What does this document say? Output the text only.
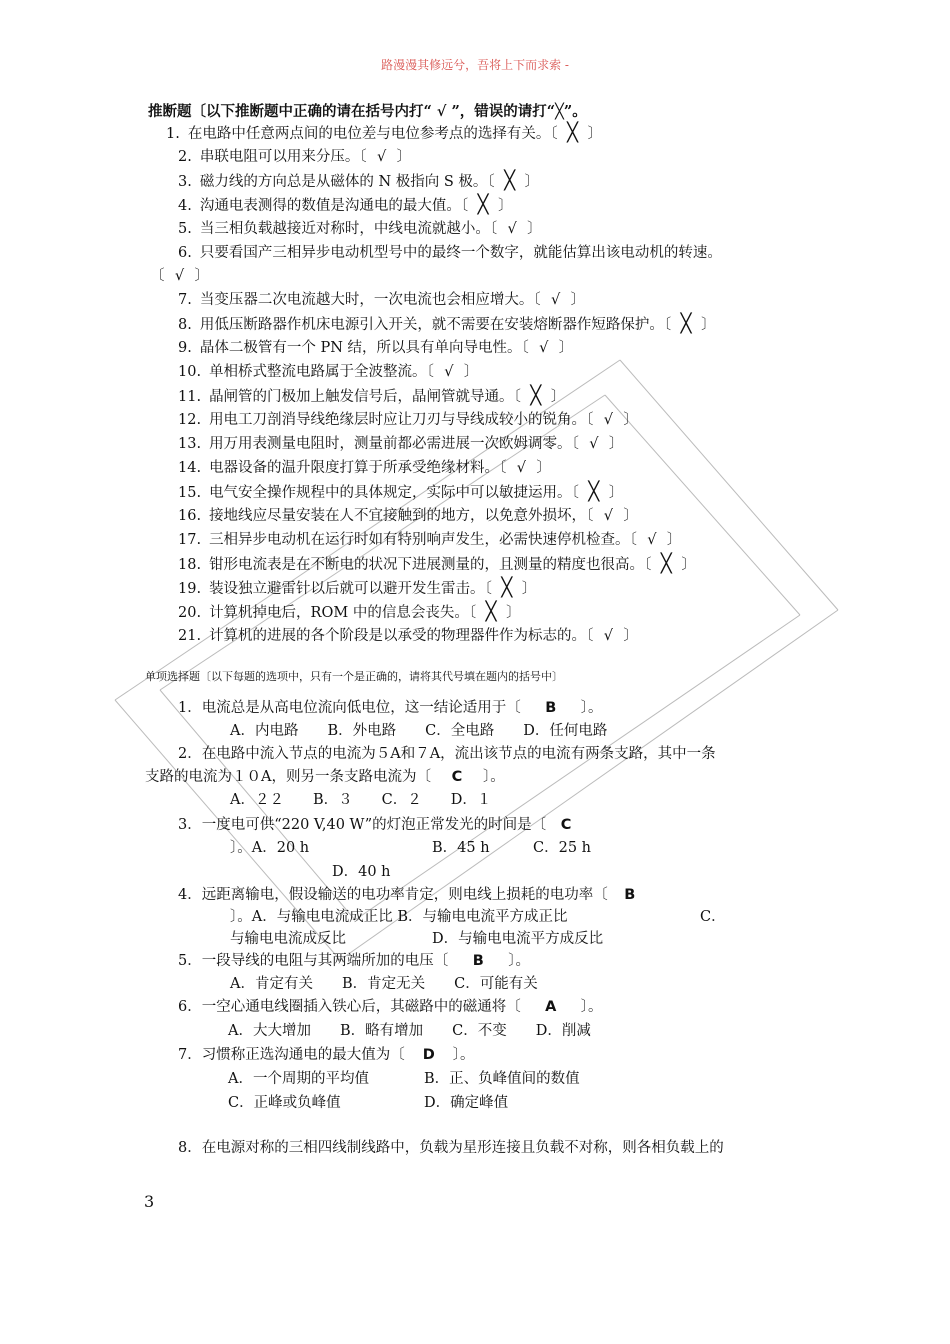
路漫漫其修远兮，吾将上下而求索 -
推断题〔以下推断题中正确的请在括号内打“ √ ”，错误的请打“╳”。
1. 在电路中任意两点间的电位差与电位参考点的选择有关。〔 ╳ 〕
2. 串联电阻可以用来分压。〔 √ 〕
3. 磁力线的方向总是从磁体的 N 极指向 S 极。〔 ╳ 〕
4. 沟通电表测得的数值是沟通电的最大值。〔 ╳ 〕
5. 当三相负载越接近对称时，中线电流就越小。〔 √ 〕
6. 只要看国产三相异步电动机型号中的最终一个数字，就能估算出该电动机的转速。
〔 √ 〕
7. 当变压器二次电流越大时，一次电流也会相应增大。〔 √ 〕
8. 用低压断路器作机床电源引入开关，就不需要在安装熔断器作短路保护。〔 ╳ 〕
9. 晶体二极管有一个 PN 结，所以具有单向导电性。〔 √ 〕
10. 单相桥式整流电路属于全波整流。〔 √ 〕
11. 晶闸管的门极加上触发信号后，晶闸管就导通。〔 ╳ 〕
12. 用电工刀剖消导线绝缘层时应让刀刃与导线成较小的锐角。〔 √ 〕
13. 用万用表测量电阻时，测量前都必需进展一次欧姆调零。〔 √ 〕
14. 电器设备的温升限度打算于所承受绝缘材料。〔 √ 〕
15. 电气安全操作规程中的具体规定，实际中可以敏捷运用。〔 ╳ 〕
16. 接地线应尽量安装在人不宜接触到的地方，以免意外损坏，〔 √ 〕
17. 三相异步电动机在运行时如有特别响声发生，必需快速停机检查。〔 √ 〕
18. 钳形电流表是在不断电的状况下进展测量的，且测量的精度也很高。〔 ╳ 〕
19. 装设独立避雷针以后就可以避开发生雷击。〔 ╳ 〕
20. 计算机掉电后，ROM 中的信息会丧失。〔 ╳ 〕
21. 计算机的进展的各个阶段是以承受的物理器件作为标志的。〔 √ 〕
单项选择题〔以下每题的选项中，只有一个是正确的，请将其代号填在题内的括号中〕
1．电流总是从高电位流向低电位，这一结论适用于〔 B 〕。
A．内电路　　B．外电路　　C．全电路　　D．任何电路
2．在电路中流入节点的电流为５A和７A，流出该节点的电流有两条支路，其中一条
支路的电流为１０A，则另一条支路电流为〔 C 〕。
A．２２　　B．３　　C．２　　D．１
3．一度电可供“220 V,40 W”的灯泡正常发光的时间是〔 C
〕。A．20 h	B．45 h	C．25 h
D．40 h
4．远距离输电，假设输送的电功率肯定，则电线上损耗的电功率〔 B
〕。A．与输电电流成正比 B．与输电电流平方成正比	C．
与输电电流成反比	D．与输电电流平方成反比
5．一段导线的电阻与其两端所加的电压〔 B 〕。
A．肯定有关　　B．肯定无关　　C．可能有关
6．一空心通电线圈插入铁心后，其磁路中的磁通将〔 A 〕。
A．大大增加　　B．略有增加　　C．不变　　D．削减
7．习惯称正选沟通电的最大值为〔 D 〕。
A．一个周期的平均值	B．正、负峰值间的数值
C．正峰或负峰值	D．确定峰值
8．在电源对称的三相四线制线路中，负载为星形连接且负载不对称，则各相负载上的
3
